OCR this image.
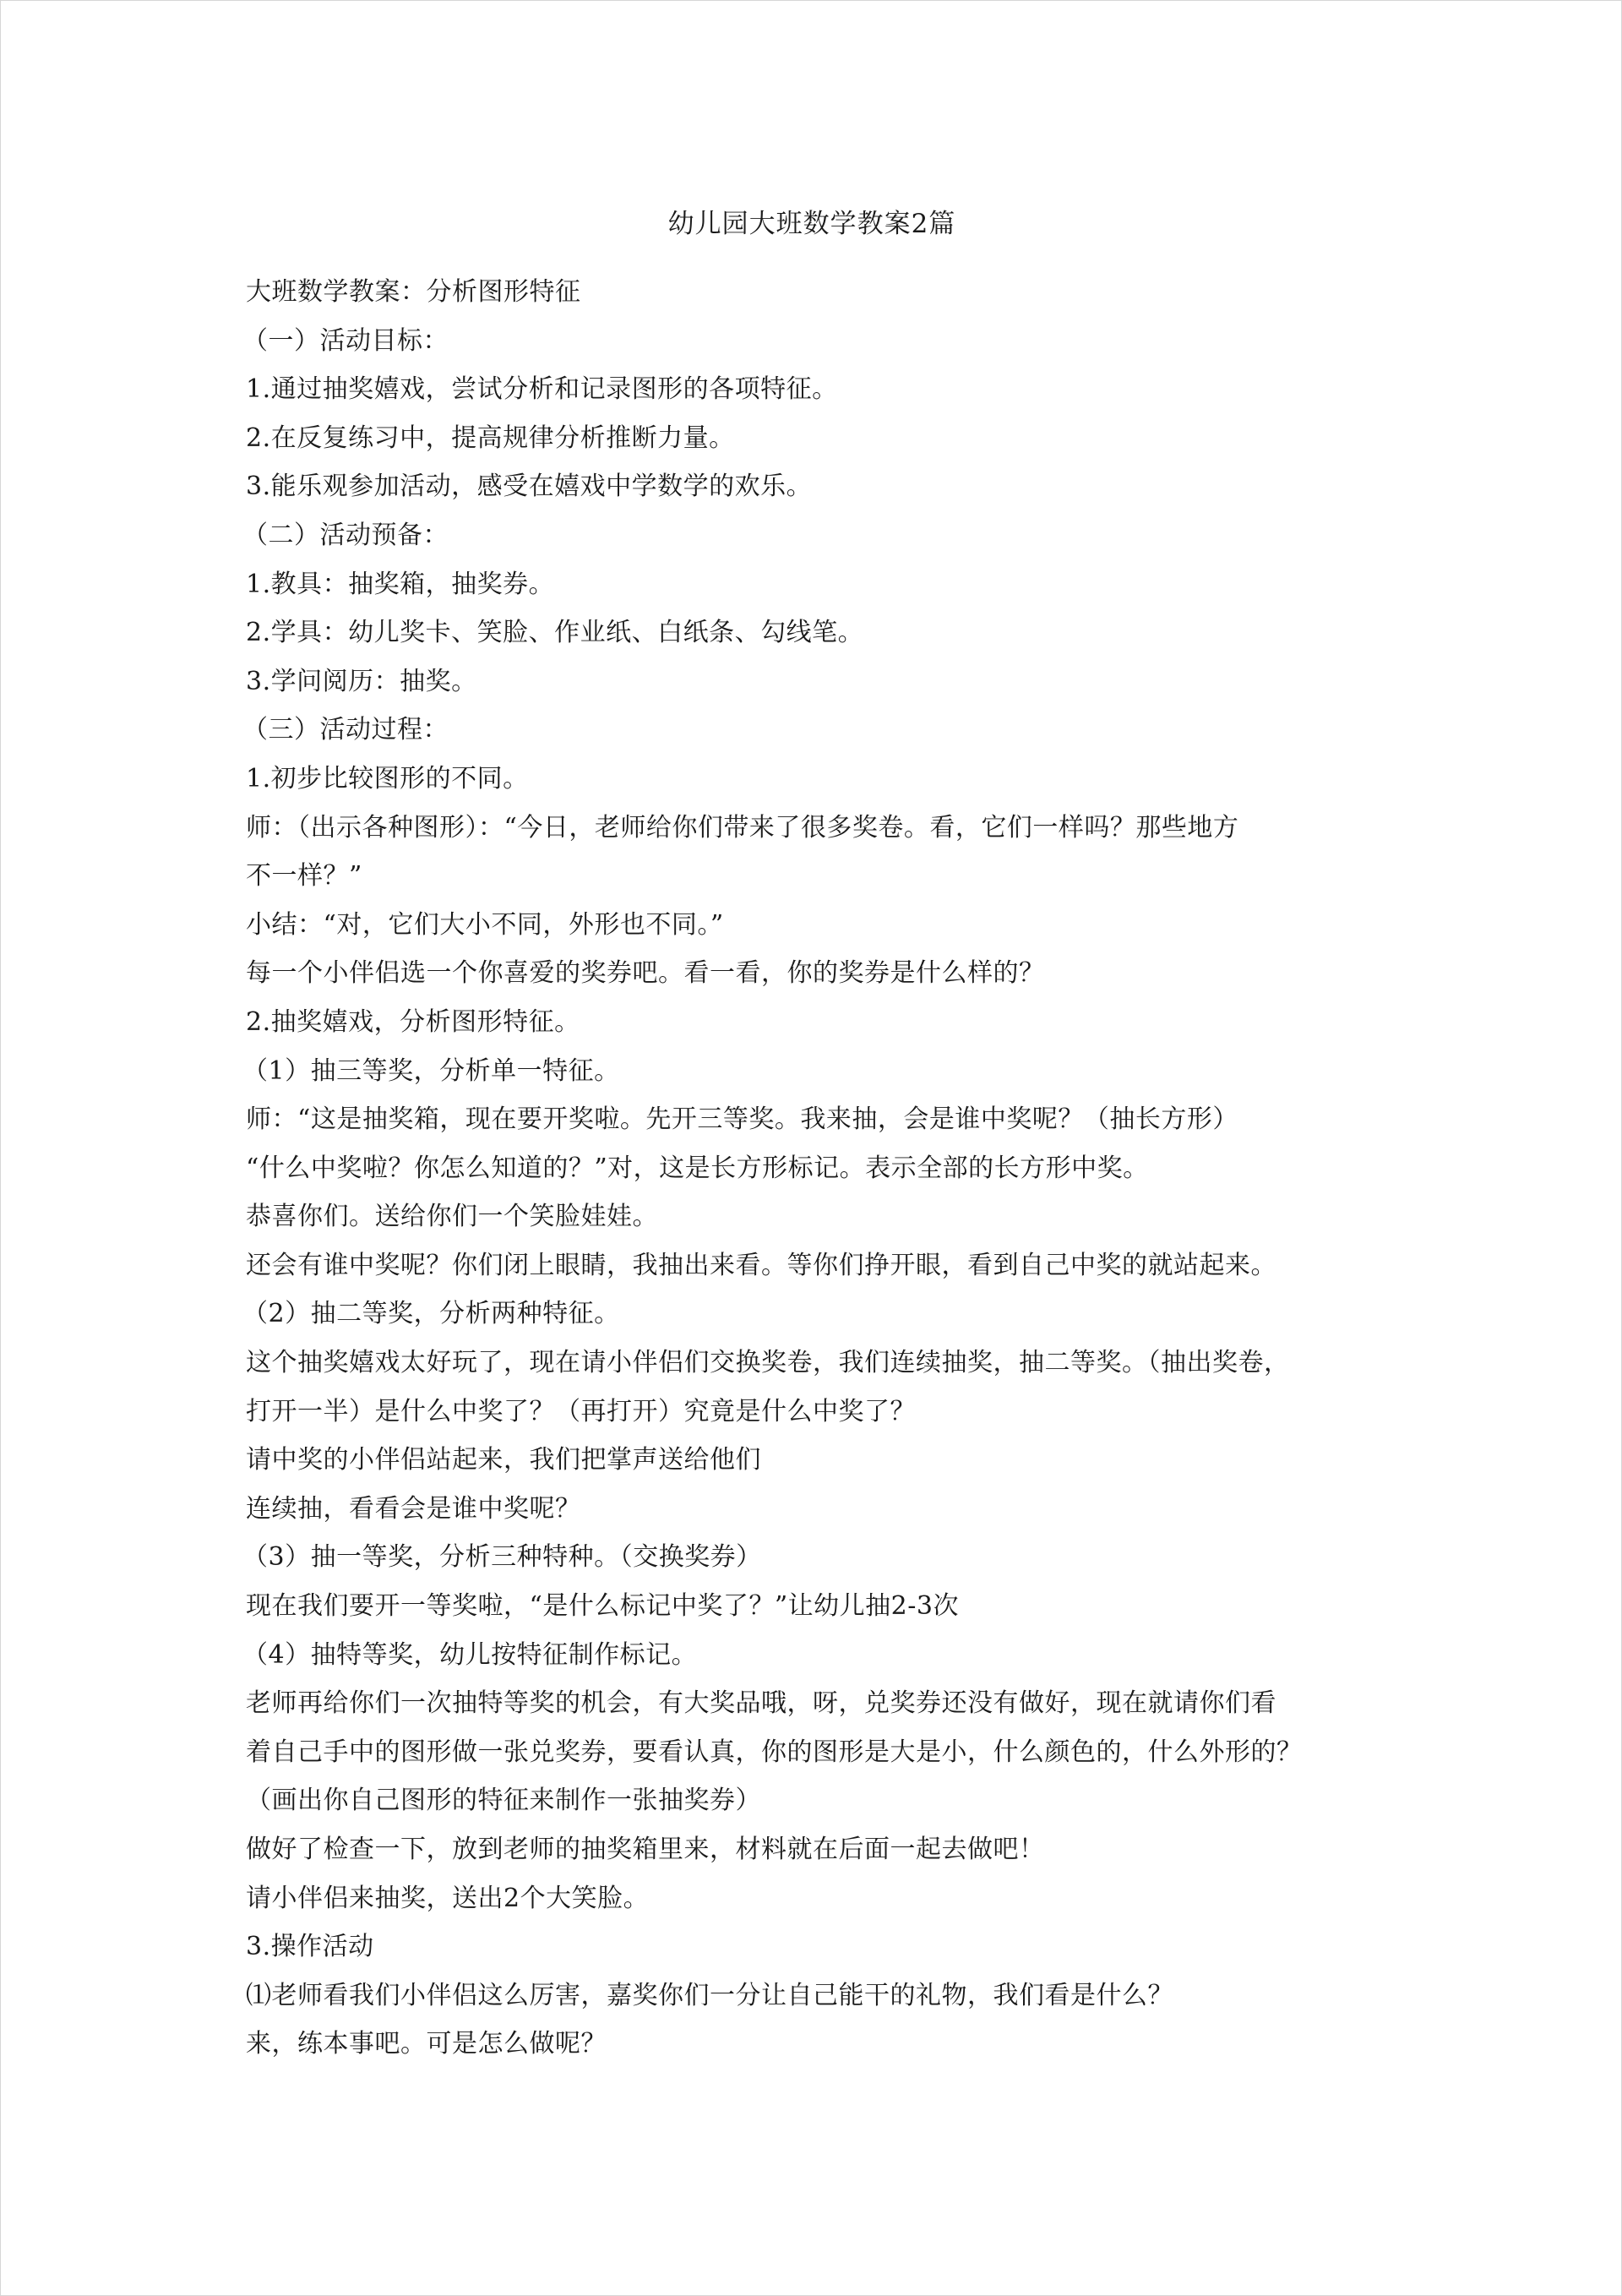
幼儿园大班数学教案2篇
大班数学教案：分析图形特征
（一）活动目标：
1.通过抽奖嬉戏，尝试分析和记录图形的各项特征。
2.在反复练习中，提高规律分析推断力量。
3.能乐观参加活动，感受在嬉戏中学数学的欢乐。
（二）活动预备：
1.教具：抽奖箱，抽奖券。
2.学具：幼儿奖卡、笑脸、作业纸、白纸条、勾线笔。
3.学问阅历：抽奖。
（三）活动过程：
1.初步比较图形的不同。
师：（出示各种图形）：“今日，老师给你们带来了很多奖卷。看，它们一样吗？那些地方
不一样？”
小结：“对，它们大小不同，外形也不同。”
每一个小伴侣选一个你喜爱的奖券吧。看一看，你的奖券是什么样的？
2.抽奖嬉戏，分析图形特征。
（1）抽三等奖，分析单一特征。
师：“这是抽奖箱，现在要开奖啦。先开三等奖。我来抽，会是谁中奖呢？（抽长方形）
“什么中奖啦？你怎么知道的？”对，这是长方形标记。表示全部的长方形中奖。
恭喜你们。送给你们一个笑脸娃娃。
还会有谁中奖呢？你们闭上眼睛，我抽出来看。等你们挣开眼，看到自己中奖的就站起来。
（2）抽二等奖，分析两种特征。
这个抽奖嬉戏太好玩了，现在请小伴侣们交换奖卷，我们连续抽奖，抽二等奖。（抽出奖卷，
打开一半）是什么中奖了？（再打开）究竟是什么中奖了？
请中奖的小伴侣站起来，我们把掌声送给他们
连续抽，看看会是谁中奖呢？
（3）抽一等奖，分析三种特种。（交换奖券）
现在我们要开一等奖啦，“是什么标记中奖了？”让幼儿抽2-3次
（4）抽特等奖，幼儿按特征制作标记。
老师再给你们一次抽特等奖的机会，有大奖品哦，呀，兑奖券还没有做好，现在就请你们看
着自己手中的图形做一张兑奖券，要看认真，你的图形是大是小，什么颜色的，什么外形的？
（画出你自己图形的特征来制作一张抽奖券）
做好了检查一下，放到老师的抽奖箱里来，材料就在后面一起去做吧！
请小伴侣来抽奖，送出2个大笑脸。
3.操作活动
⑴老师看我们小伴侣这么厉害，嘉奖你们一分让自己能干的礼物，我们看是什么？
来，练本事吧。可是怎么做呢？
